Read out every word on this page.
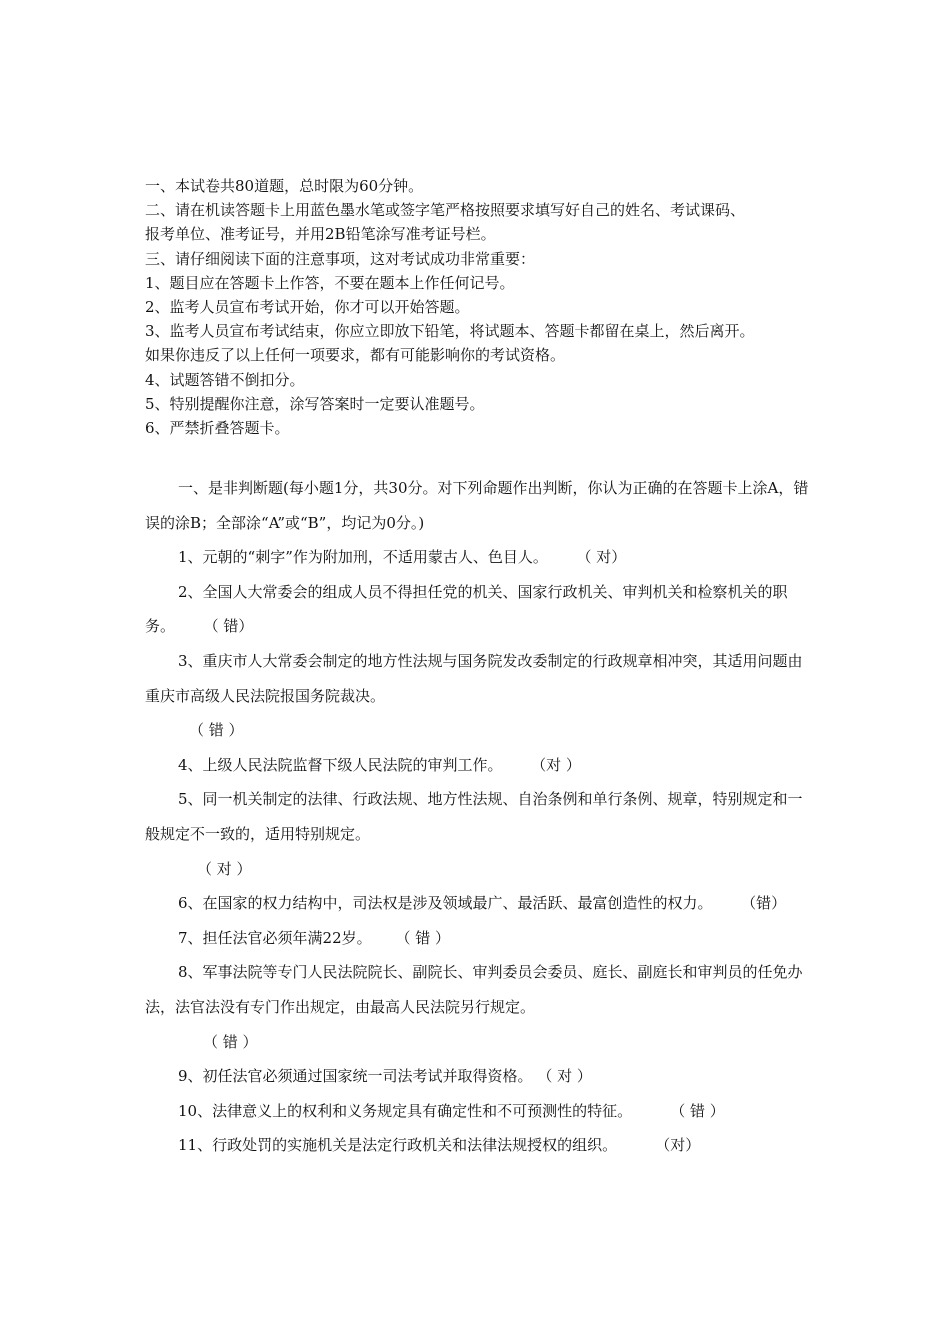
一、本试卷共80道题，总时限为60分钟。

二、请在机读答题卡上用蓝色墨水笔或签字笔严格按照要求填写好自己的姓名、考试课码、

报考单位、准考证号，并用2B铅笔涂写准考证号栏。

三、请仔细阅读下面的注意事项，这对考试成功非常重要：

1、题目应在答题卡上作答，不要在题本上作任何记号。

2、监考人员宣布考试开始，你才可以开始答题。

3、监考人员宣布考试结束，你应立即放下铅笔，将试题本、答题卡都留在桌上，然后离开。

如果你违反了以上任何一项要求，都有可能影响你的考试资格。

4、试题答错不倒扣分。

5、特别提醒你注意，涂写答案时一定要认准题号。

6、严禁折叠答题卡。

一、是非判断题(每小题1分，共30分。对下列命题作出判断，你认为正确的在答题卡上涂A，错误的涂B；全部涂“A”或“B”，均记为0分。)

1、元朝的“刺字”作为附加刑，不适用蒙古人、色目人。 （ 对）

2、全国人大常委会的组成人员不得担任党的机关、国家行政机关、审判机关和检察机关的职务。 （ 错）

3、重庆市人大常委会制定的地方性法规与国务院发改委制定的行政规章相冲突，其适用问题由重庆市高级人民法院报国务院裁决。

（ 错 ）

4、上级人民法院监督下级人民法院的审判工作。 （对 ）

5、同一机关制定的法律、行政法规、地方性法规、自治条例和单行条例、规章，特别规定和一般规定不一致的，适用特别规定。

（ 对 ）

6、在国家的权力结构中，司法权是涉及领域最广、最活跃、最富创造性的权力。 （错）

7、担任法官必须年满22岁。 （ 错 ）

8、军事法院等专门人民法院院长、副院长、审判委员会委员、庭长、副庭长和审判员的任免办法，法官法没有专门作出规定，由最高人民法院另行规定。

（ 错 ）

9、初任法官必须通过国家统一司法考试并取得资格。 （ 对 ）

10、法律意义上的权利和义务规定具有确定性和不可预测性的特征。	（ 错 ）

11、行政处罚的实施机关是法定行政机关和法律法规授权的组织。	（对）
